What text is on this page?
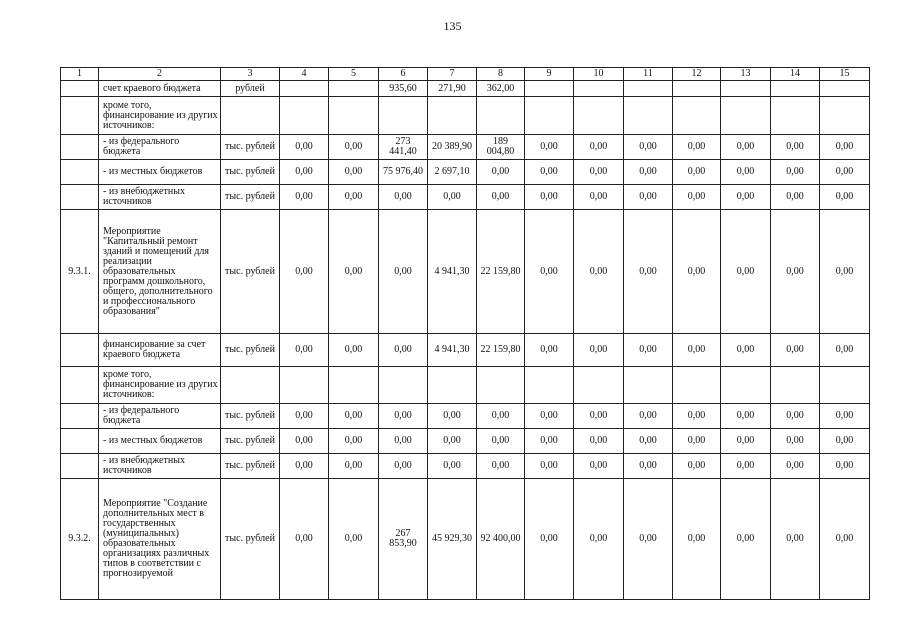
135
1	2	3	4	5	6	7	8	9	10	11	12	13	14	15
	счет краевого бюджета	рублей			935,60	271,90	362,00							
	кроме того, финансирование из других источников:													
	- из федерального бюджета	тыс. рублей	0,00	0,00	273 441,40	20 389,90	189 004,80	0,00	0,00	0,00	0,00	0,00	0,00	0,00
	- из местных бюджетов	тыс. рублей	0,00	0,00	75 976,40	2 697,10	0,00	0,00	0,00	0,00	0,00	0,00	0,00	0,00
	- из внебюджетных источников	тыс. рублей	0,00	0,00	0,00	0,00	0,00	0,00	0,00	0,00	0,00	0,00	0,00	0,00
9.3.1.	Мероприятие "Капитальный ремонт зданий и помещений для реализации образовательных программ дошкольного, общего, дополнительного и профессионального образования"	тыс. рублей	0,00	0,00	0,00	4 941,30	22 159,80	0,00	0,00	0,00	0,00	0,00	0,00	0,00
	финансирование за счет краевого бюджета	тыс. рублей	0,00	0,00	0,00	4 941,30	22 159,80	0,00	0,00	0,00	0,00	0,00	0,00	0,00
	кроме того, финансирование из других источников:													
	- из федерального бюджета	тыс. рублей	0,00	0,00	0,00	0,00	0,00	0,00	0,00	0,00	0,00	0,00	0,00	0,00
	- из местных бюджетов	тыс. рублей	0,00	0,00	0,00	0,00	0,00	0,00	0,00	0,00	0,00	0,00	0,00	0,00
	- из внебюджетных источников	тыс. рублей	0,00	0,00	0,00	0,00	0,00	0,00	0,00	0,00	0,00	0,00	0,00	0,00
9.3.2.	Мероприятие "Создание дополнительных мест в государственных (муниципальных) образовательных организациях различных типов в соответствии с прогнозируемой	тыс. рублей	0,00	0,00	267 853,90	45 929,30	92 400,00	0,00	0,00	0,00	0,00	0,00	0,00	0,00
